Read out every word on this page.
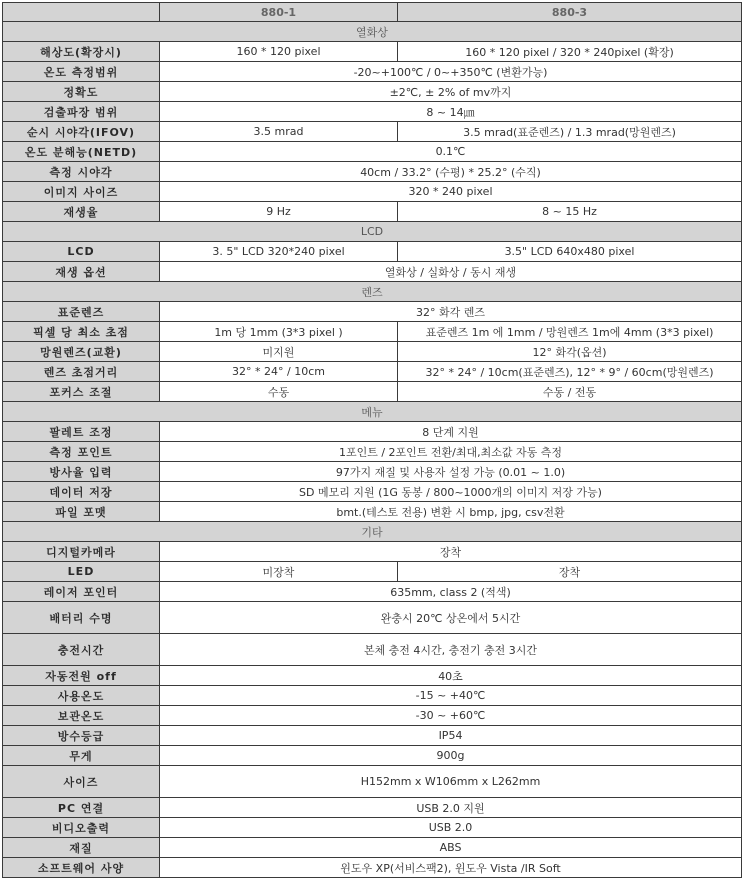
	880-1	880-3
열화상		
해상도(확장시)	160 * 120 pixel	160 * 120 pixel / 320 * 240pixel (확장)
온도 측정범위	-20~+100℃ / 0~+350℃ (변환가능)	
정확도	±2℃, ± 2% of mv까지	
검출파장 범위	8 ~ 14㎛	
순시 시야각(IFOV)	3.5 mrad	3.5 mrad(표준렌즈) / 1.3 mrad(망원렌즈)
온도 분해능(NETD)	0.1℃	
측정 시야각	40cm / 33.2° (수평) * 25.2° (수직)	
이미지 사이즈	320 * 240 pixel	
재생율	9 Hz	8 ~ 15 Hz
LCD		
LCD	3. 5" LCD 320*240 pixel	3.5" LCD 640x480 pixel
재생 옵션	열화상 / 실화상 / 동시 재생	
렌즈		
표준렌즈	32° 화각 렌즈	
픽셀 당 최소 초점	1m 당 1mm (3*3 pixel )	표준렌즈 1m 에 1mm / 망원렌즈 1m에 4mm (3*3 pixel)
망원렌즈(교환)	미지원	12° 화각(옵션)
렌즈 초점거리	32° * 24° / 10cm	32° * 24° / 10cm(표준렌즈), 12° * 9° / 60cm(망원렌즈)
포커스 조절	수동	수동 / 전동
메뉴		
팔레트 조정	8 단계 지원	
측정 포인트	1포인트 / 2포인트 전환/최대,최소값 자동 측정	
방사율 입력	97가지 재질 및 사용자 설정 가능 (0.01 ~ 1.0)	
데이터 저장	SD 메모리 지원 (1G 동봉 / 800~1000개의 이미지 저장 가능)	
파일 포맷	bmt.(테스토 전용) 변환 시 bmp, jpg, csv전환	
기타		
디지털카메라	장착	
LED	미장착	장착
레이저 포인터	635mm, class 2 (적색)	
배터리 수명	완충시 20℃ 상온에서 5시간	
충전시간	본체 충전 4시간, 충전기 충전 3시간	
자동전원 off	40초	
사용온도	-15 ~ +40℃	
보관온도	-30 ~ +60℃	
방수등급	IP54	
무게	900g	
사이즈	H152mm x W106mm x L262mm	
PC 연결	USB 2.0 지원	
비디오출력	USB 2.0	
재질	ABS	
소프트웨어 사양	윈도우 XP(서비스팩2), 윈도우 Vista /IR Soft	
